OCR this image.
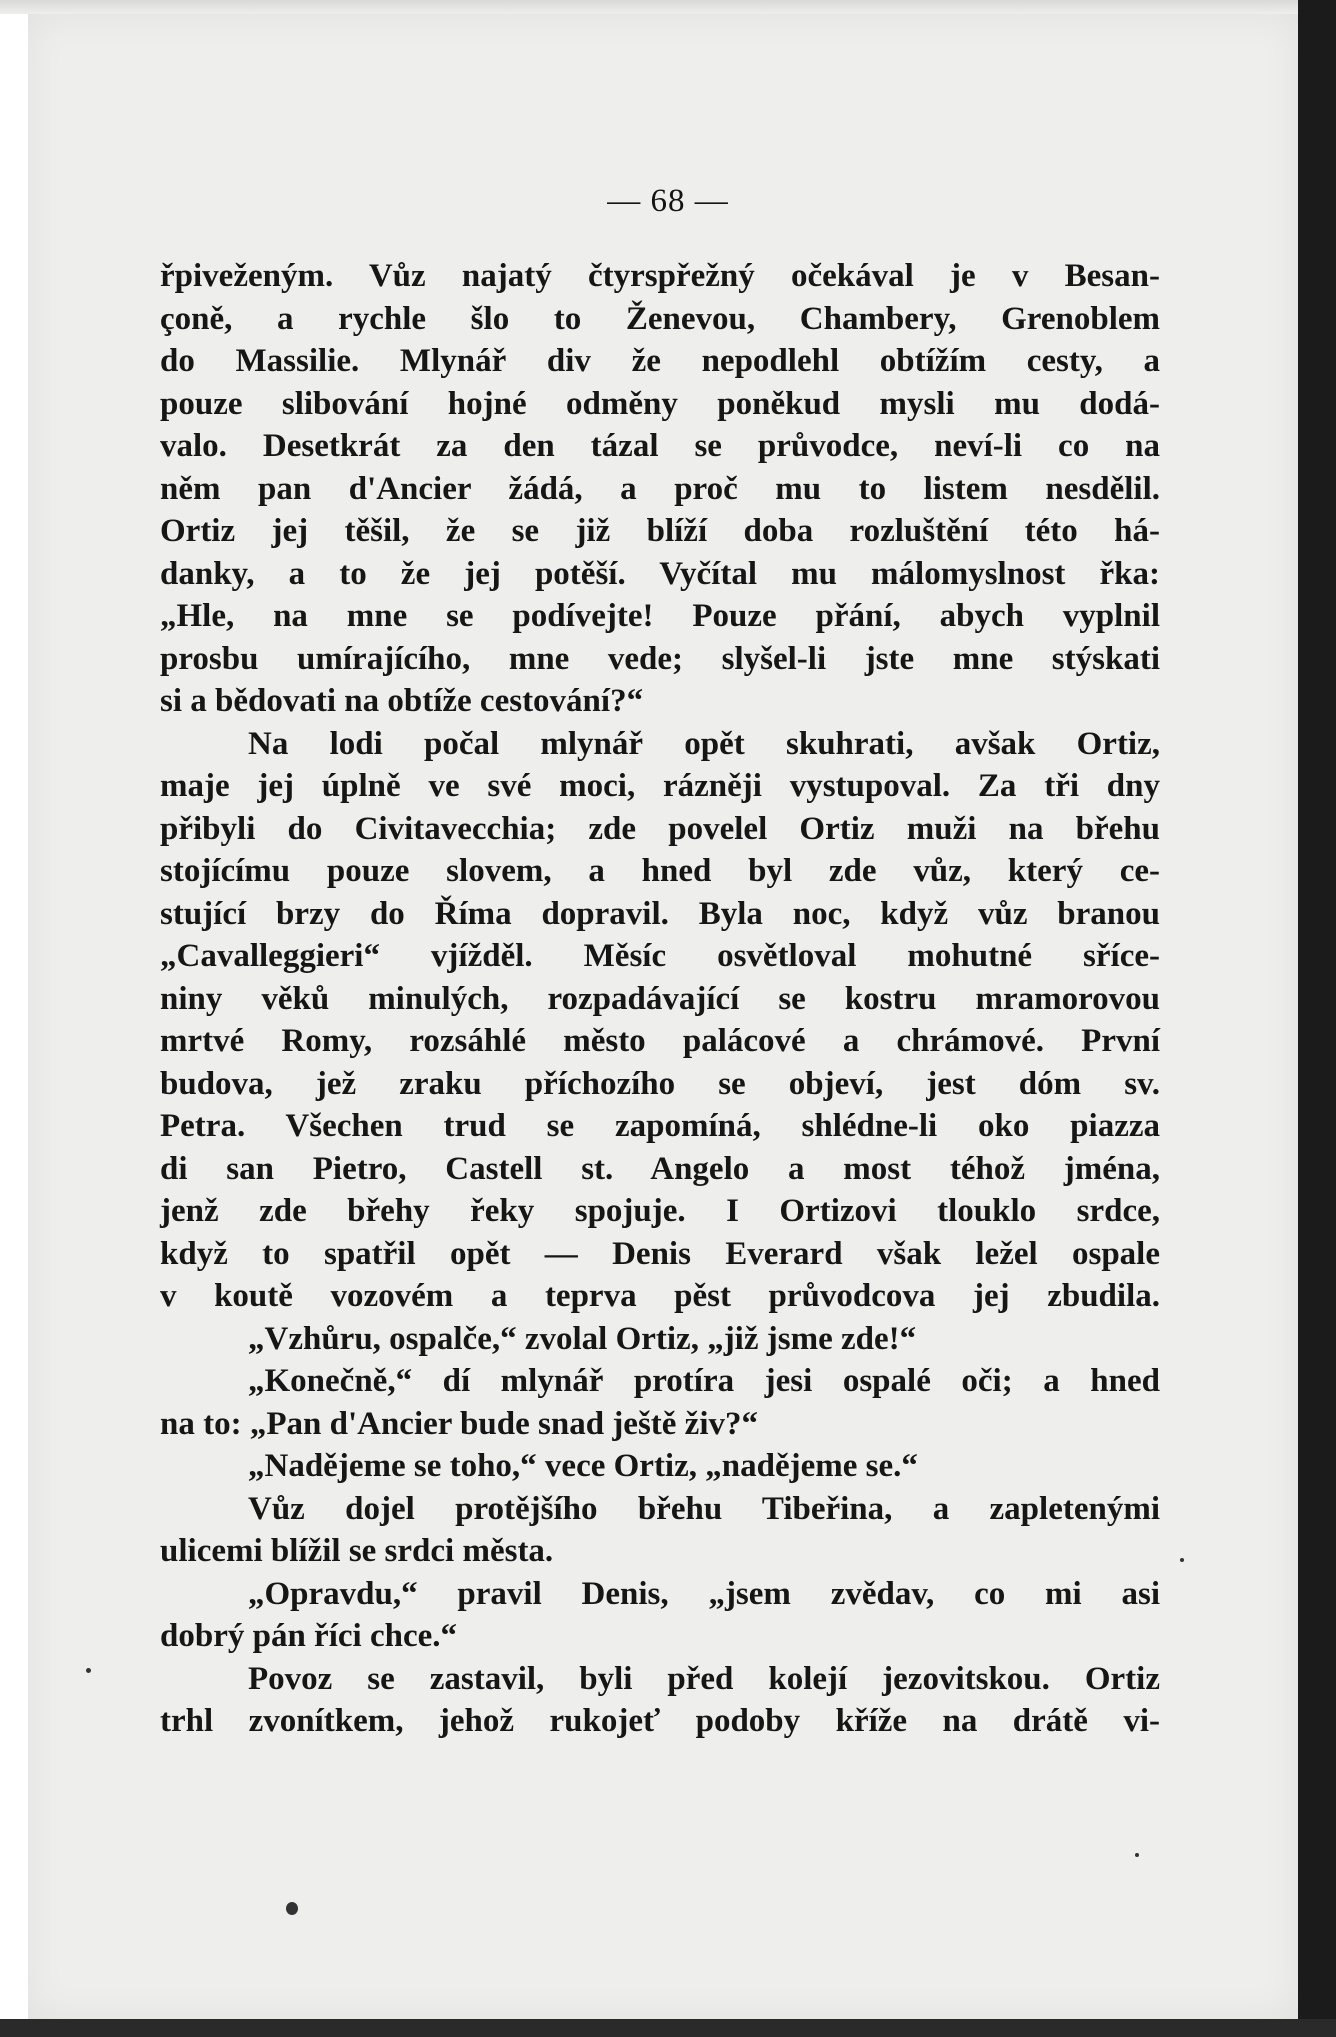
— 68 —
řpiveženým. Vůz najatý čtyrspřežný očekával je v Besan-
çoně, a rychle šlo to Ženevou, Chambery, Grenoblem
do Massilie. Mlynář div že nepodlehl obtížím cesty, a
pouze slibování hojné odměny poněkud mysli mu dodá-
valo. Desetkrát za den tázal se průvodce, neví-li co na
něm pan d'Ancier žádá, a proč mu to listem nesdělil.
Ortiz jej těšil, že se již blíží doba rozluštění této há-
danky, a to že jej potěší. Vyčítal mu málomyslnost řka:
„Hle, na mne se podívejte! Pouze přání, abych vyplnil
prosbu umírajícího, mne vede; slyšel-li jste mne stýskati
si a bědovati na obtíže cestování?“
Na lodi počal mlynář opět skuhrati, avšak Ortiz,
maje jej úplně ve své moci, rázněji vystupoval. Za tři dny
přibyli do Civitavecchia; zde povelel Ortiz muži na břehu
stojícímu pouze slovem, a hned byl zde vůz, který ce-
stující brzy do Říma dopravil. Byla noc, když vůz branou
„Cavalleggieri“ vjížděl. Měsíc osvětloval mohutné sříce-
niny věků minulých, rozpadávající se kostru mramorovou
mrtvé Romy, rozsáhlé město palácové a chrámové. První
budova, jež zraku příchozího se objeví, jest dóm sv.
Petra. Všechen trud se zapomíná, shlédne-li oko piazza
di san Pietro, Castell st. Angelo a most téhož jména,
jenž zde břehy řeky spojuje. I Ortizovi tlouklo srdce,
když to spatřil opět — Denis Everard však ležel ospale
v koutě vozovém a teprva pěst průvodcova jej zbudila.
„Vzhůru, ospalče,“ zvolal Ortiz, „již jsme zde!“
„Konečně,“ dí mlynář protíra jesi ospalé oči; a hned
na to: „Pan d'Ancier bude snad ještě živ?“
„Nadějeme se toho,“ vece Ortiz, „nadějeme se.“
Vůz dojel protějšího břehu Tibeřina, a zapletenými
ulicemi blížil se srdci města.
„Opravdu,“ pravil Denis, „jsem zvědav, co mi asi
dobrý pán říci chce.“
Povoz se zastavil, byli před kolejí jezovitskou. Ortiz
trhl zvonítkem, jehož rukojeť podoby kříže na drátě vi-
